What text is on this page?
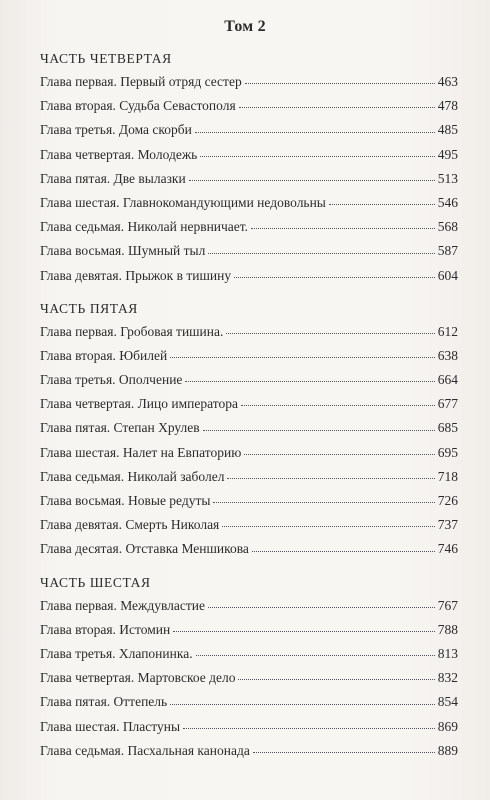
Том 2
ЧАСТЬ ЧЕТВЕРТАЯ
Глава первая. Первый отряд сестер	463
Глава вторая. Судьба Севастополя	478
Глава третья. Дома скорби	485
Глава четвертая. Молодежь	495
Глава пятая. Две вылазки	513
Глава шестая. Главнокомандующими недовольны	546
Глава седьмая. Николай нервничает.	568
Глава восьмая. Шумный тыл	587
Глава девятая. Прыжок в тишину	604
ЧАСТЬ ПЯТАЯ
Глава первая. Гробовая тишина.	612
Глава вторая. Юбилей	638
Глава третья. Ополчение	664
Глава четвертая. Лицо императора	677
Глава пятая. Степан Хрулев	685
Глава шестая. Налет на Евпаторию	695
Глава седьмая. Николай заболел	718
Глава восьмая. Новые редуты	726
Глава девятая. Смерть Николая	737
Глава десятая. Отставка Меншикова	746
ЧАСТЬ ШЕСТАЯ
Глава первая. Междувластие	767
Глава вторая. Истомин	788
Глава третья. Хлапонинка.	813
Глава четвертая. Мартовское дело	832
Глава пятая. Оттепель	854
Глава шестая. Пластуны	869
Глава седьмая. Пасхальная канонада	889
